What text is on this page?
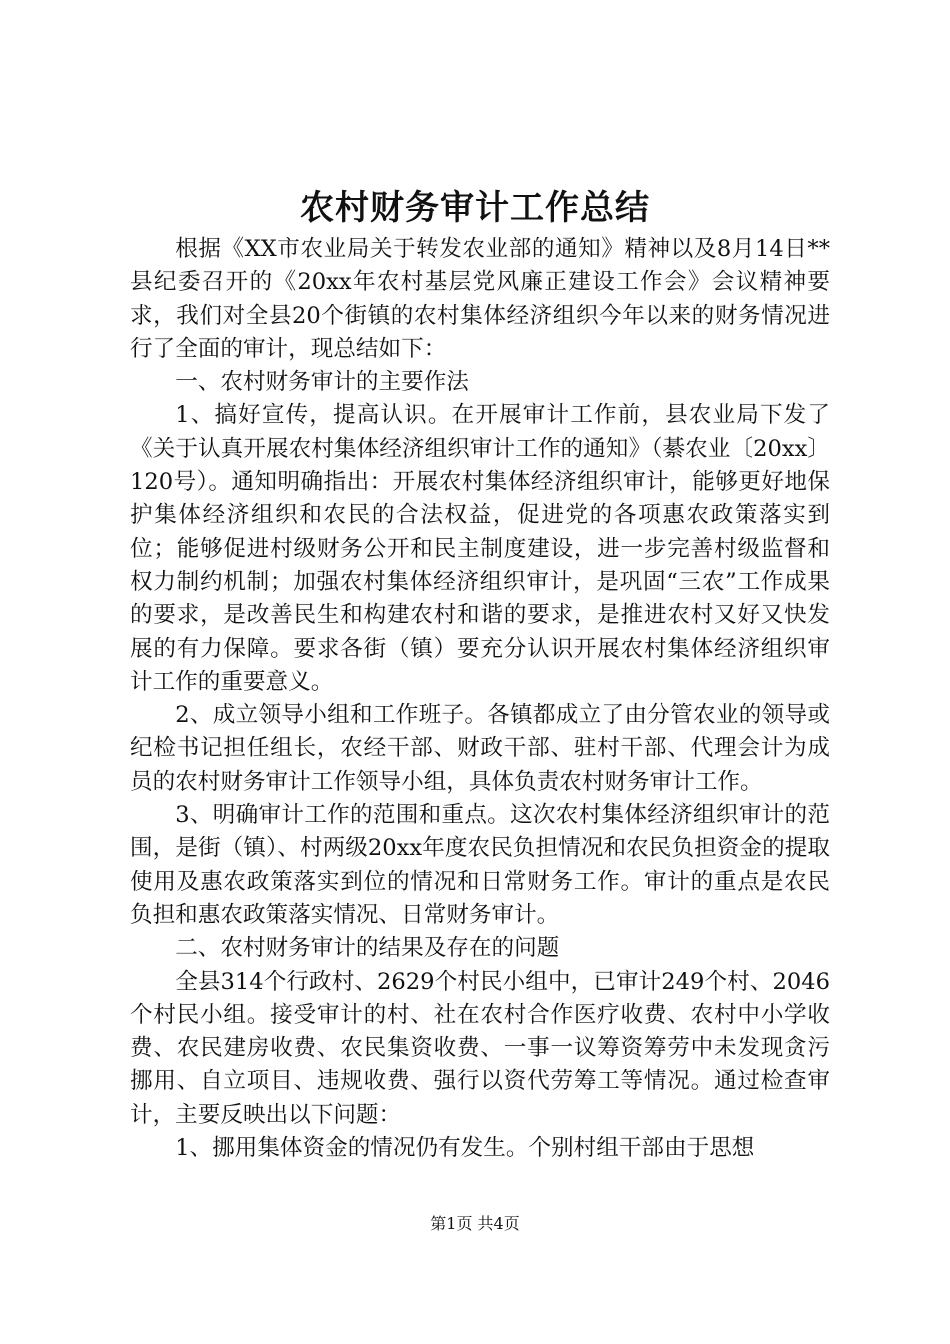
农村财务审计工作总结

根据《XX市农业局关于转发农业部的通知》精神以及8月14日**县纪委召开的《20xx年农村基层党风廉正建设工作会》会议精神要求，我们对全县20个街镇的农村集体经济组织今年以来的财务情况进行了全面的审计，现总结如下：

一、农村财务审计的主要作法

1、搞好宣传，提高认识。在开展审计工作前，县农业局下发了《关于认真开展农村集体经济组织审计工作的通知》（綦农业〔20xx〕120号）。通知明确指出：开展农村集体经济组织审计，能够更好地保护集体经济组织和农民的合法权益，促进党的各项惠农政策落实到位；能够促进村级财务公开和民主制度建设，进一步完善村级监督和权力制约机制；加强农村集体经济组织审计，是巩固“三农”工作成果的要求，是改善民生和构建农村和谐的要求，是推进农村又好又快发展的有力保障。要求各街（镇）要充分认识开展农村集体经济组织审计工作的重要意义。

2、成立领导小组和工作班子。各镇都成立了由分管农业的领导或纪检书记担任组长，农经干部、财政干部、驻村干部、代理会计为成员的农村财务审计工作领导小组，具体负责农村财务审计工作。

3、明确审计工作的范围和重点。这次农村集体经济组织审计的范围，是街（镇）、村两级20xx年度农民负担情况和农民负担资金的提取使用及惠农政策落实到位的情况和日常财务工作。审计的重点是农民负担和惠农政策落实情况、日常财务审计。

二、农村财务审计的结果及存在的问题

全县314个行政村、2629个村民小组中，已审计249个村、2046个村民小组。接受审计的村、社在农村合作医疗收费、农村中小学收费、农民建房收费、农民集资收费、一事一议筹资筹劳中未发现贪污挪用、自立项目、违规收费、强行以资代劳筹工等情况。通过检查审计，主要反映出以下问题：

1、挪用集体资金的情况仍有发生。个别村组干部由于思想

第1页 共4页
